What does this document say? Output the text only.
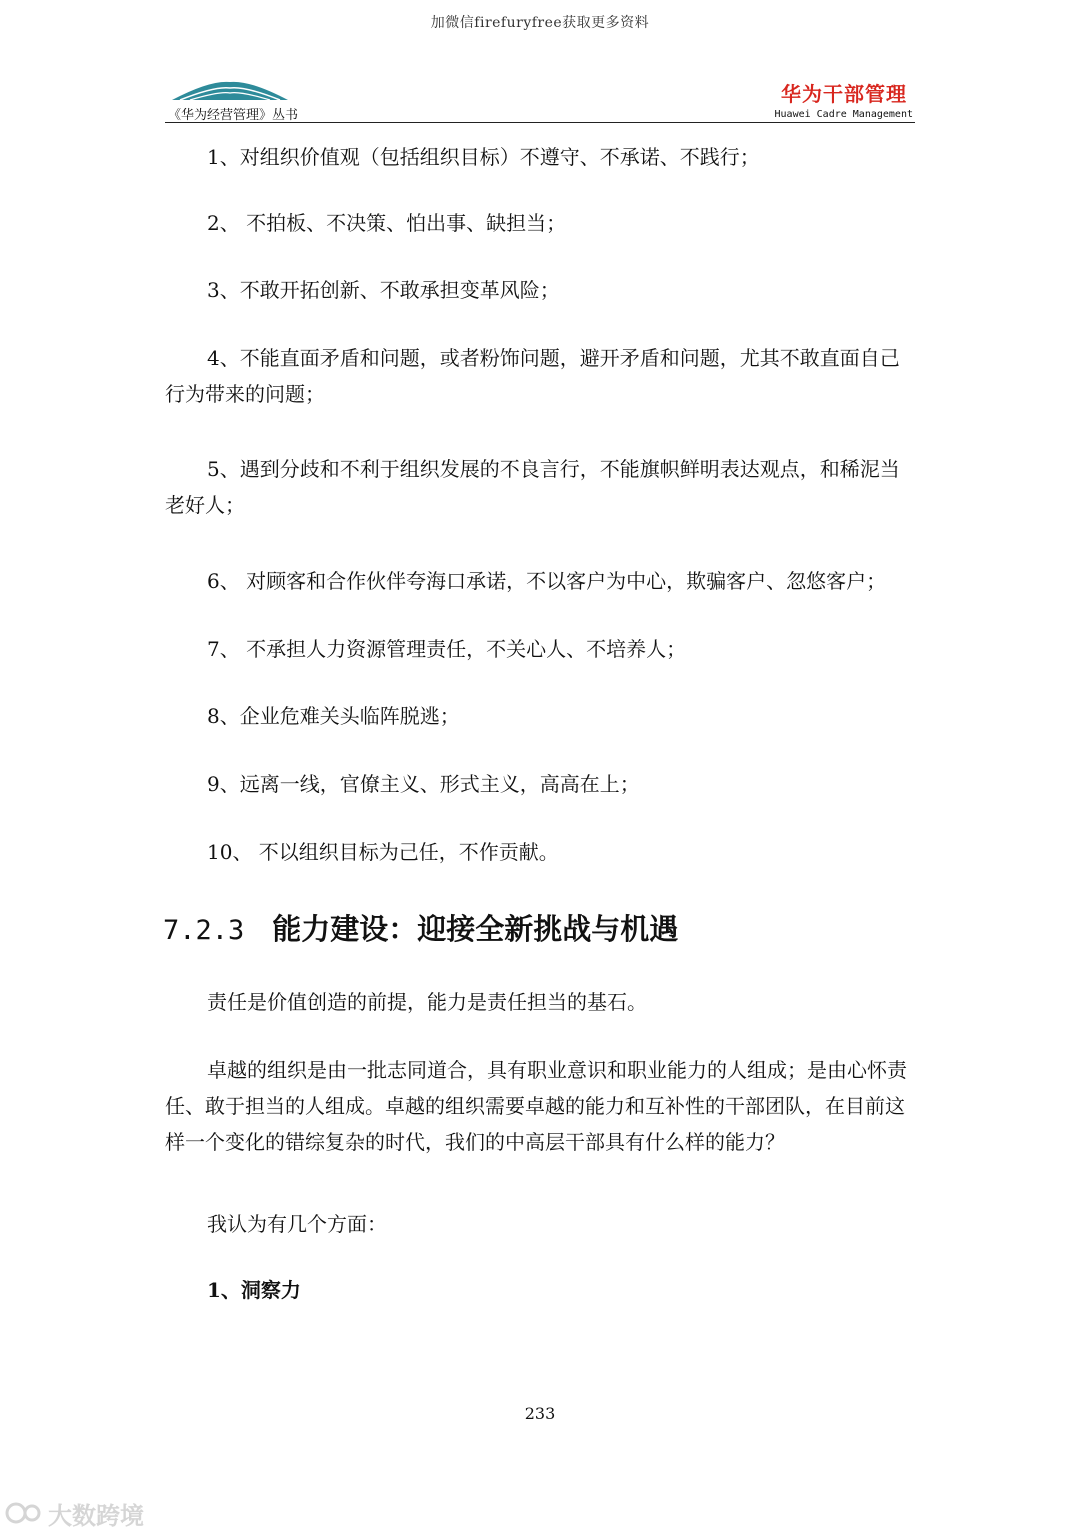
加微信firefuryfree获取更多资料
《华为经营管理》丛书
华为干部管理
Huawei Cadre Management

1、对组织价值观（包括组织目标）不遵守、不承诺、不践行；

2、 不拍板、不决策、怕出事、缺担当；

3、不敢开拓创新、不敢承担变革风险；

4、不能直面矛盾和问题，或者粉饰问题，避开矛盾和问题，尤其不敢直面自己行为带来的问题；

5、遇到分歧和不利于组织发展的不良言行，不能旗帜鲜明表达观点，和稀泥当老好人；

6、 对顾客和合作伙伴夸海口承诺，不以客户为中心，欺骗客户、忽悠客户；

7、 不承担人力资源管理责任，不关心人、不培养人；

8、企业危难关头临阵脱逃；

9、远离一线，官僚主义、形式主义，高高在上；

10、 不以组织目标为己任，不作贡献。

7.2.3 能力建设：迎接全新挑战与机遇

责任是价值创造的前提，能力是责任担当的基石。

卓越的组织是由一批志同道合，具有职业意识和职业能力的人组成；是由心怀责任、敢于担当的人组成。卓越的组织需要卓越的能力和互补性的干部团队，在目前这样一个变化的错综复杂的时代，我们的中高层干部具有什么样的能力？

我认为有几个方面：

1、洞察力

233
大数跨境
